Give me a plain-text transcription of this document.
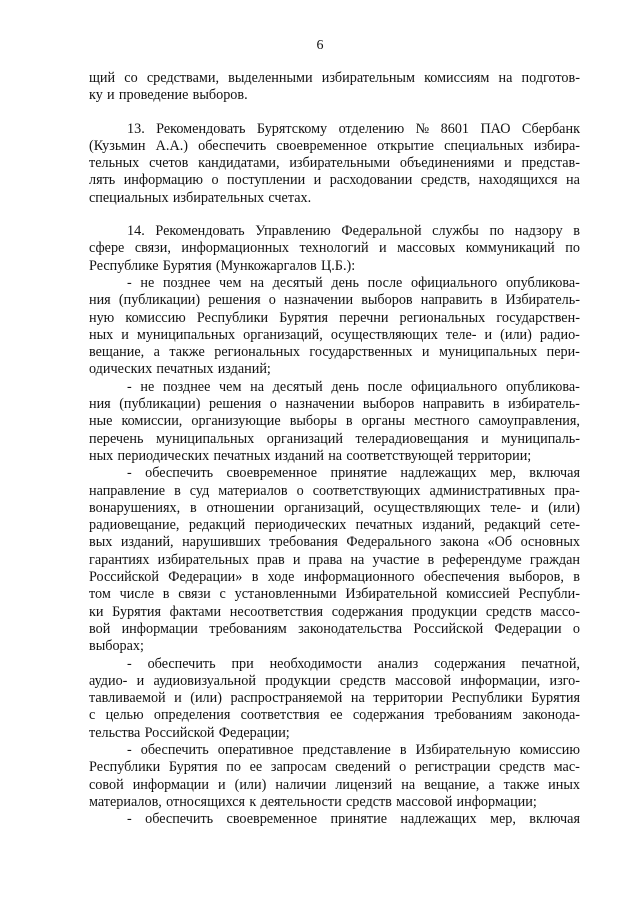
6
щий со средствами, выделенными избирательным комиссиям на подготов-
ку и проведение выборов.
13. Рекомендовать Бурятскому отделению № 8601 ПАО Сбербанк
(Кузьмин А.А.) обеспечить своевременное открытие специальных избира-
тельных счетов кандидатами, избирательными объединениями и представ-
лять информацию о поступлении и расходовании средств, находящихся на
специальных избирательных счетах.
14. Рекомендовать Управлению Федеральной службы по надзору в
сфере связи, информационных технологий и массовых коммуникаций по
Республике Бурятия (Мункожаргалов Ц.Б.):
- не позднее чем на десятый день после официального опубликова-
ния (публикации) решения о назначении выборов направить в Избиратель-
ную комиссию Республики Бурятия перечни региональных государствен-
ных и муниципальных организаций, осуществляющих теле- и (или) радио-
вещание, а также региональных государственных и муниципальных пери-
одических печатных изданий;
- не позднее чем на десятый день после официального опубликова-
ния (публикации) решения о назначении выборов направить в избиратель-
ные комиссии, организующие выборы в органы местного самоуправления,
перечень муниципальных организаций телерадиовещания и муниципаль-
ных периодических печатных изданий на соответствующей территории;
- обеспечить своевременное принятие надлежащих мер, включая
направление в суд материалов о соответствующих административных пра-
вонарушениях, в отношении организаций, осуществляющих теле- и (или)
радиовещание, редакций периодических печатных изданий, редакций сете-
вых изданий, нарушивших требования Федерального закона «Об основных
гарантиях избирательных прав и права на участие в референдуме граждан
Российской Федерации» в ходе информационного обеспечения выборов, в
том числе в связи с установленными Избирательной комиссией Республи-
ки Бурятия фактами несоответствия содержания продукции средств массо-
вой информации требованиям законодательства Российской Федерации о
выборах;
- обеспечить при необходимости анализ содержания печатной,
аудио- и аудиовизуальной продукции средств массовой информации, изго-
тавливаемой и (или) распространяемой на территории Республики Бурятия
с целью определения соответствия ее содержания требованиям законода-
тельства Российской Федерации;
- обеспечить оперативное представление в Избирательную комиссию
Республики Бурятия по ее запросам сведений о регистрации средств мас-
совой информации и (или) наличии лицензий на вещание, а также иных
материалов, относящихся к деятельности средств массовой информации;
- обеспечить своевременное принятие надлежащих мер, включая
